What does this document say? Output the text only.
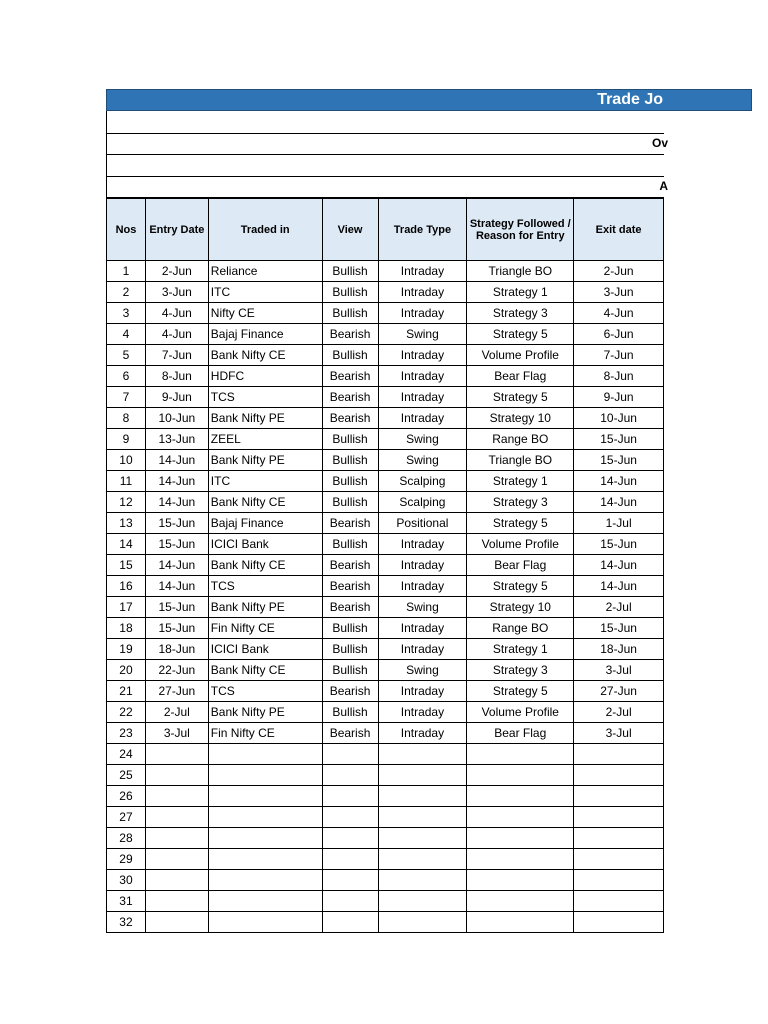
Trade Jo
Ov
A
Nos	Entry Date	Traded in	View	Trade Type	Strategy Followed / Reason for Entry	Exit date
1	2-Jun	Reliance	Bullish	Intraday	Triangle BO	2-Jun
2	3-Jun	ITC	Bullish	Intraday	Strategy 1	3-Jun
3	4-Jun	Nifty CE	Bullish	Intraday	Strategy 3	4-Jun
4	4-Jun	Bajaj Finance	Bearish	Swing	Strategy 5	6-Jun
5	7-Jun	Bank Nifty CE	Bullish	Intraday	Volume Profile	7-Jun
6	8-Jun	HDFC	Bearish	Intraday	Bear Flag	8-Jun
7	9-Jun	TCS	Bearish	Intraday	Strategy 5	9-Jun
8	10-Jun	Bank Nifty PE	Bearish	Intraday	Strategy 10	10-Jun
9	13-Jun	ZEEL	Bullish	Swing	Range BO	15-Jun
10	14-Jun	Bank Nifty PE	Bullish	Swing	Triangle BO	15-Jun
11	14-Jun	ITC	Bullish	Scalping	Strategy 1	14-Jun
12	14-Jun	Bank Nifty CE	Bullish	Scalping	Strategy 3	14-Jun
13	15-Jun	Bajaj Finance	Bearish	Positional	Strategy 5	1-Jul
14	15-Jun	ICICI Bank	Bullish	Intraday	Volume Profile	15-Jun
15	14-Jun	Bank Nifty CE	Bearish	Intraday	Bear Flag	14-Jun
16	14-Jun	TCS	Bearish	Intraday	Strategy 5	14-Jun
17	15-Jun	Bank Nifty PE	Bearish	Swing	Strategy 10	2-Jul
18	15-Jun	Fin Nifty CE	Bullish	Intraday	Range BO	15-Jun
19	18-Jun	ICICI Bank	Bullish	Intraday	Strategy 1	18-Jun
20	22-Jun	Bank Nifty CE	Bullish	Swing	Strategy 3	3-Jul
21	27-Jun	TCS	Bearish	Intraday	Strategy 5	27-Jun
22	2-Jul	Bank Nifty PE	Bullish	Intraday	Volume Profile	2-Jul
23	3-Jul	Fin Nifty CE	Bearish	Intraday	Bear Flag	3-Jul
24						
25						
26						
27						
28						
29						
30						
31						
32						
